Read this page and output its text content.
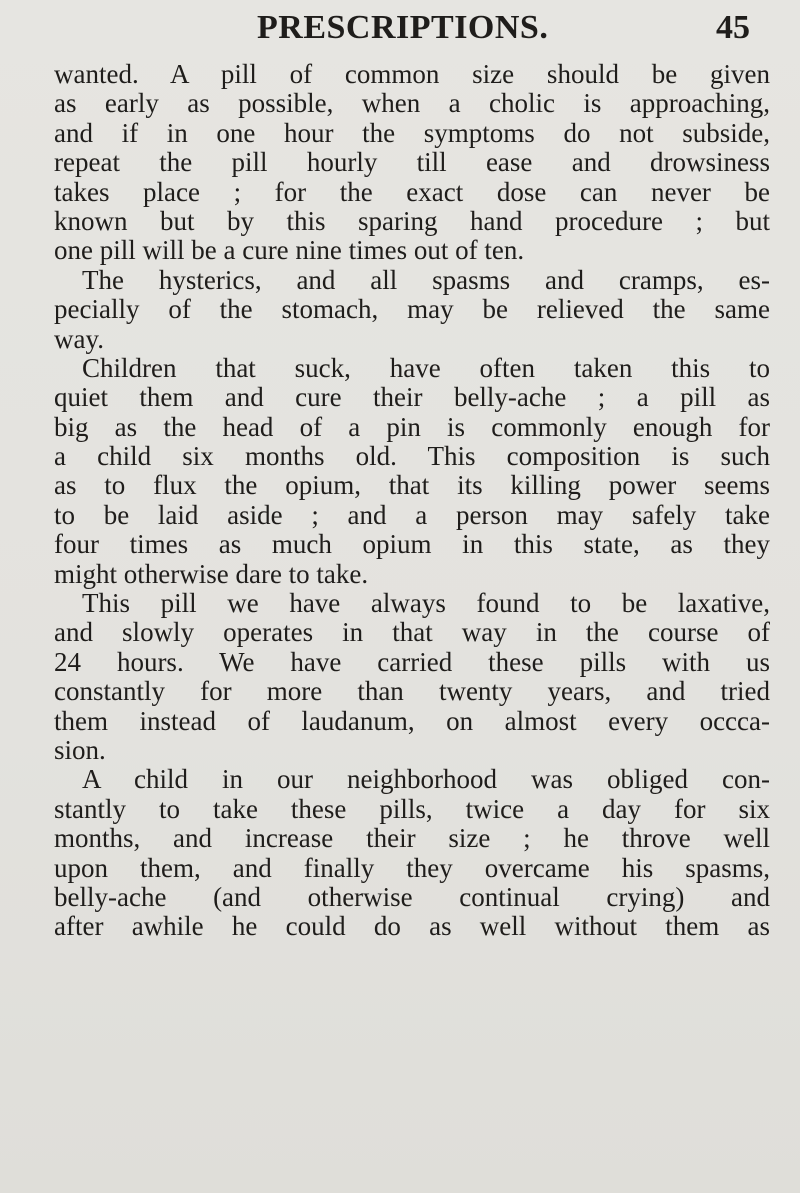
PRESCRIPTIONS.	45
wanted. A pill of common size should be given
as early as possible, when a cholic is approaching,
and if in one hour the symptoms do not subside,
repeat the pill hourly till ease and drowsiness
takes place ; for the exact dose can never be
known but by this sparing hand procedure ; but
one pill will be a cure nine times out of ten.
The hysterics, and all spasms and cramps, es-
pecially of the stomach, may be relieved the same
way.
Children that suck, have often taken this to
quiet them and cure their belly-ache ; a pill as
big as the head of a pin is commonly enough for
a child six months old. This composition is such
as to flux the opium, that its killing power seems
to be laid aside ; and a person may safely take
four times as much opium in this state, as they
might otherwise dare to take.
This pill we have always found to be laxative,
and slowly operates in that way in the course of
24 hours. We have carried these pills with us
constantly for more than twenty years, and tried
them instead of laudanum, on almost every occca-
sion.
A child in our neighborhood was obliged con-
stantly to take these pills, twice a day for six
months, and increase their size ; he throve well
upon them, and finally they overcame his spasms,
belly-ache (and otherwise continual crying) and
after awhile he could do as well without them as
